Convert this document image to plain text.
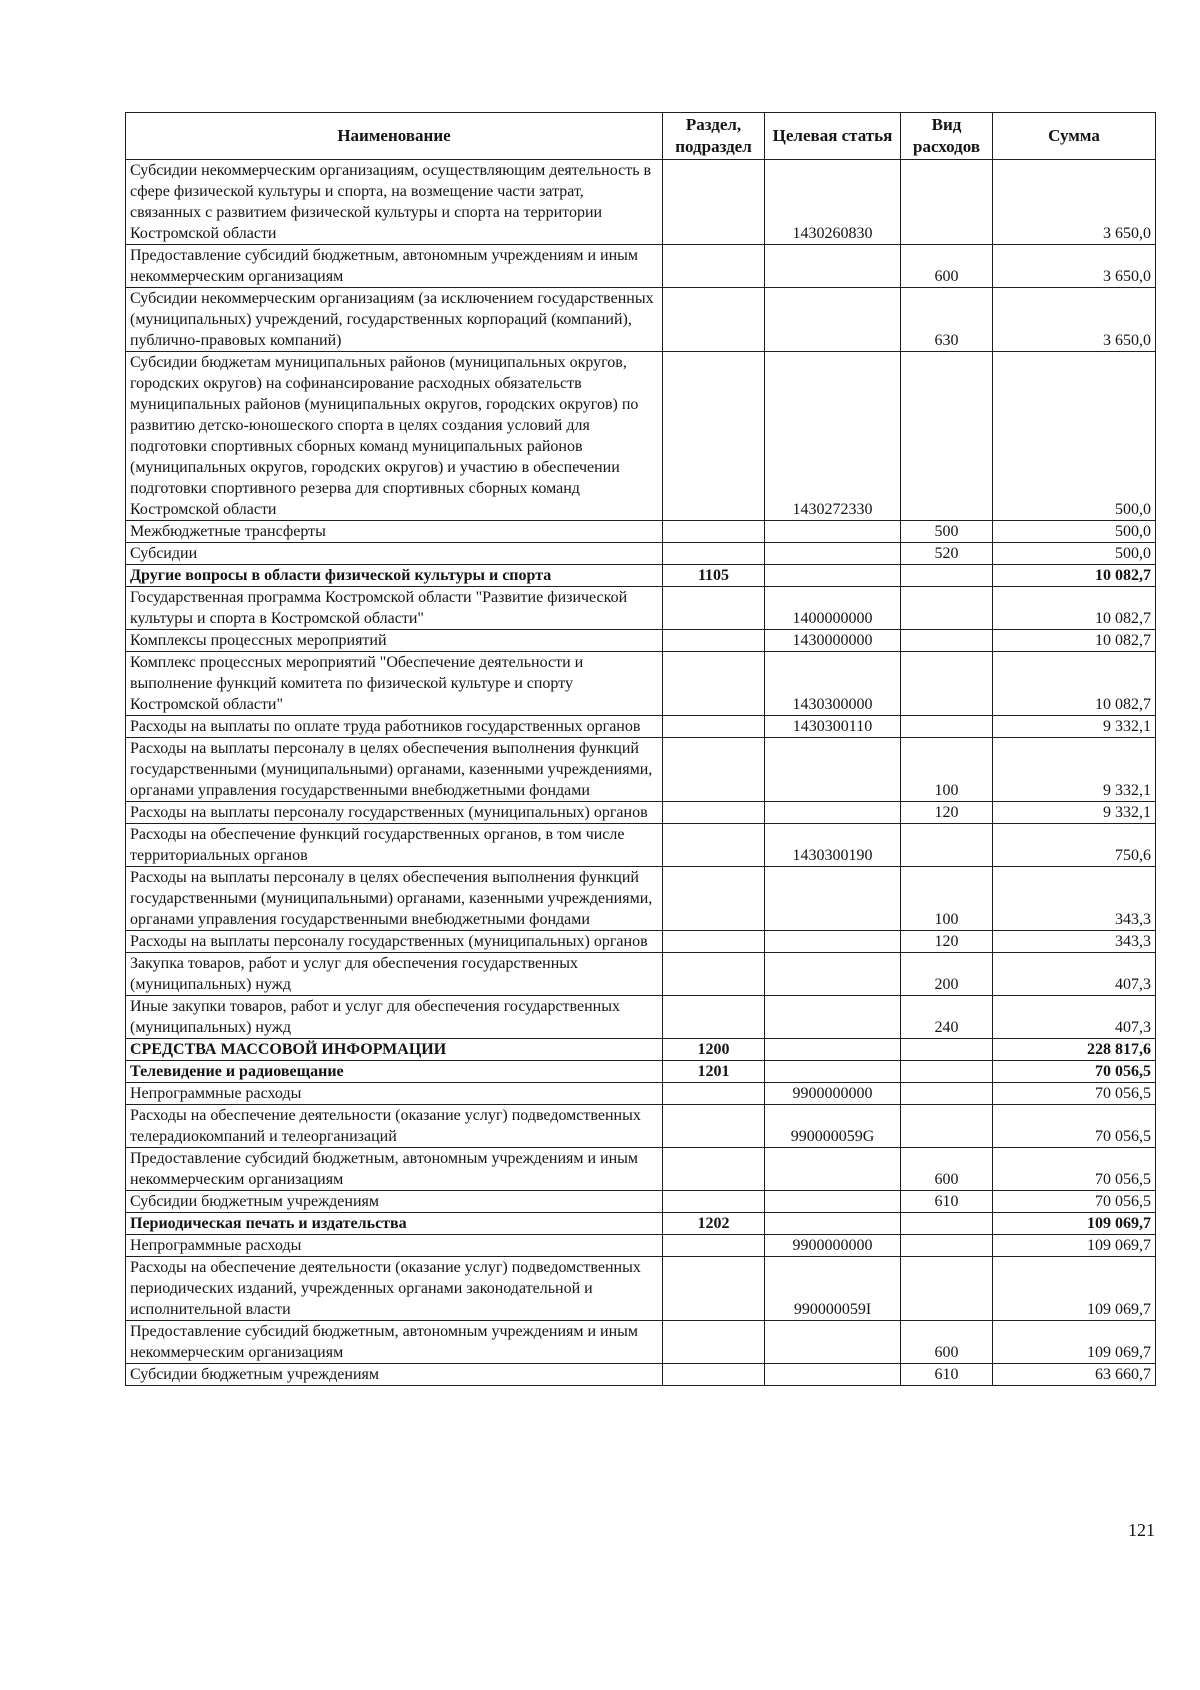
Наименование	Раздел, подраздел	Целевая статья	Вид расходов	Сумма
Субсидии некоммерческим организациям, осуществляющим деятельность в сфере физической культуры и спорта, на возмещение части затрат, связанных с развитием физической культуры и спорта на территории Костромской области		1430260830		3 650,0
Предоставление субсидий бюджетным, автономным учреждениям и иным некоммерческим организациям			600	3 650,0
Субсидии некоммерческим организациям (за исключением государственных (муниципальных) учреждений, государственных корпораций (компаний), публично-правовых компаний)			630	3 650,0
Субсидии бюджетам муниципальных районов (муниципальных округов, городских округов) на софинансирование расходных обязательств муниципальных районов (муниципальных округов, городских округов) по развитию детско-юношеского спорта в целях создания условий для подготовки спортивных сборных команд муниципальных районов (муниципальных округов, городских округов) и участию в обеспечении подготовки спортивного резерва для спортивных сборных команд Костромской области		1430272330		500,0
Межбюджетные трансферты			500	500,0
Субсидии			520	500,0
Другие вопросы в области физической культуры и спорта	1105			10 082,7
Государственная программа Костромской области "Развитие физической культуры и спорта в Костромской области"		1400000000		10 082,7
Комплексы процессных мероприятий		1430000000		10 082,7
Комплекс процессных мероприятий "Обеспечение деятельности и выполнение функций комитета по физической культуре и спорту Костромской области"		1430300000		10 082,7
Расходы на выплаты по оплате труда работников государственных органов		1430300110		9 332,1
Расходы на выплаты персоналу в целях обеспечения выполнения функций государственными (муниципальными) органами, казенными учреждениями, органами управления государственными внебюджетными фондами			100	9 332,1
Расходы на выплаты персоналу государственных (муниципальных) органов			120	9 332,1
Расходы на обеспечение функций государственных органов, в том числе территориальных органов		1430300190		750,6
Расходы на выплаты персоналу в целях обеспечения выполнения функций государственными (муниципальными) органами, казенными учреждениями, органами управления государственными внебюджетными фондами			100	343,3
Расходы на выплаты персоналу государственных (муниципальных) органов			120	343,3
Закупка товаров, работ и услуг для обеспечения государственных (муниципальных) нужд			200	407,3
Иные закупки товаров, работ и услуг для обеспечения государственных (муниципальных) нужд			240	407,3
СРЕДСТВА МАССОВОЙ ИНФОРМАЦИИ	1200			228 817,6
Телевидение и радиовещание	1201			70 056,5
Непрограммные расходы		9900000000		70 056,5
Расходы на обеспечение деятельности (оказание услуг) подведомственных телерадиокомпаний и телеорганизаций		990000059G		70 056,5
Предоставление субсидий бюджетным, автономным учреждениям и иным некоммерческим организациям			600	70 056,5
Субсидии бюджетным учреждениям			610	70 056,5
Периодическая печать и издательства	1202			109 069,7
Непрограммные расходы		9900000000		109 069,7
Расходы на обеспечение деятельности (оказание услуг) подведомственных периодических изданий, учрежденных органами законодательной и исполнительной власти		990000059I		109 069,7
Предоставление субсидий бюджетным, автономным учреждениям и иным некоммерческим организациям			600	109 069,7
Субсидии бюджетным учреждениям			610	63 660,7
121
